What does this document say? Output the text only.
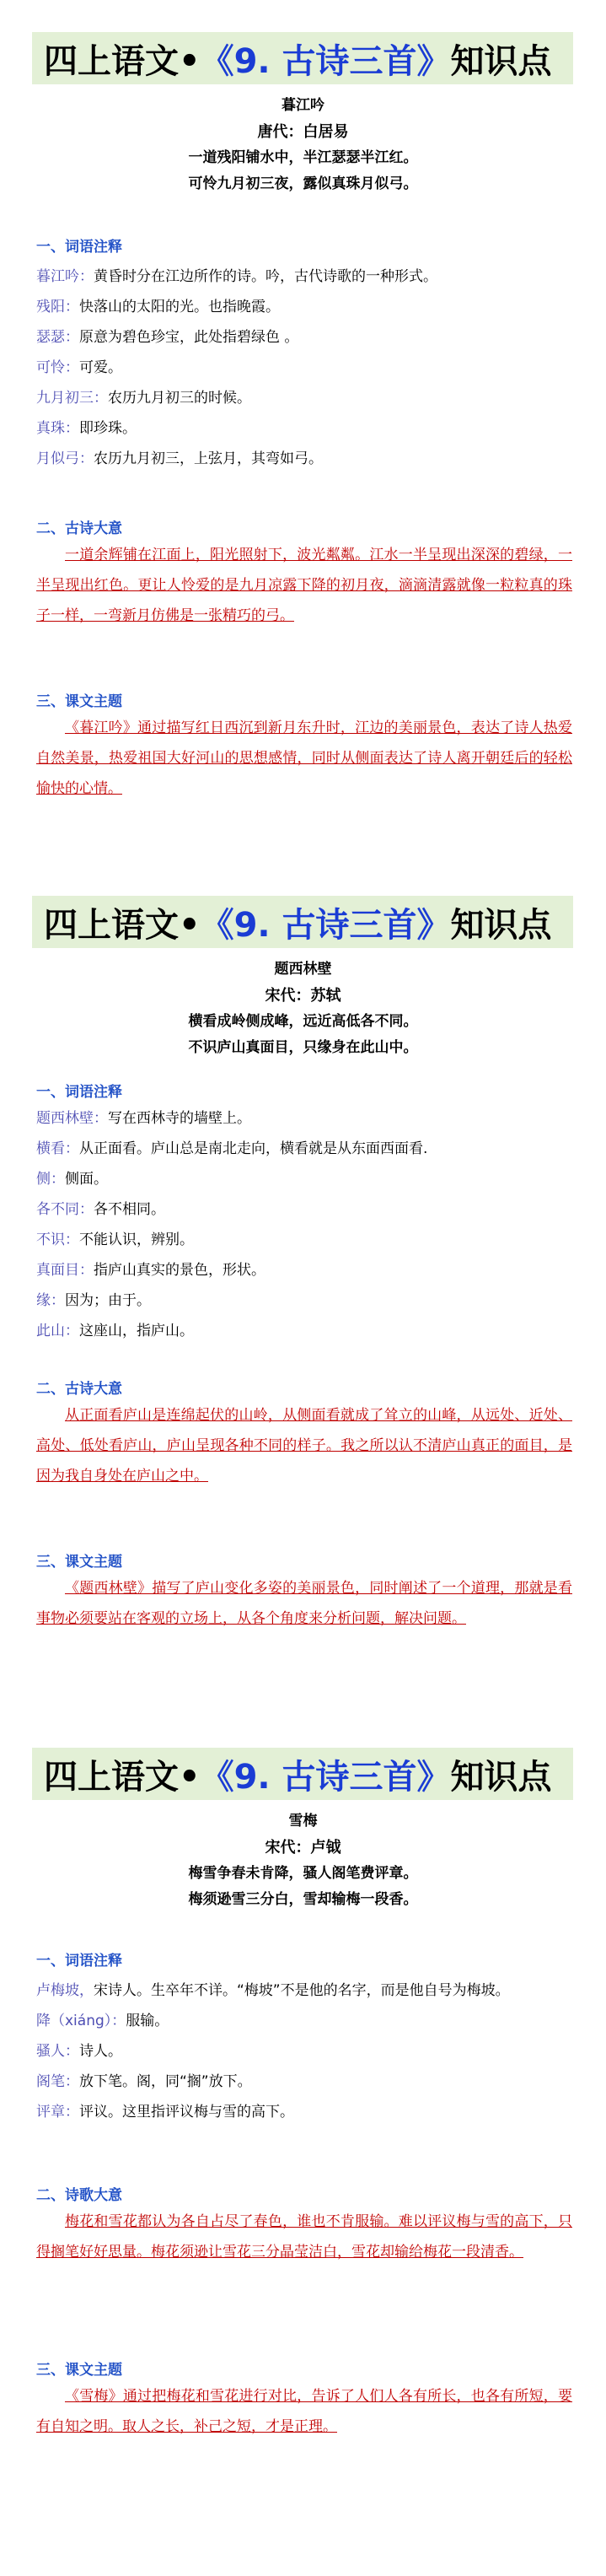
四上语文• 《9. 古诗三首》 知识点
暮江吟
唐代：白居易
一道残阳铺水中，半江瑟瑟半江红。
可怜九月初三夜，露似真珠月似弓。
一、词语注释
暮江吟：黄昏时分在江边所作的诗。吟，古代诗歌的一种形式。
残阳：快落山的太阳的光。也指晚霞。
瑟瑟：原意为碧色珍宝，此处指碧绿色 。
可怜：可爱。
九月初三：农历九月初三的时候。
真珠：即珍珠。
月似弓：农历九月初三，上弦月，其弯如弓。
二、古诗大意
一道余辉铺在江面上，阳光照射下，波光粼粼。江水一半呈现出深深的碧绿，一半呈现出红色。更让人怜爱的是九月凉露下降的初月夜，滴滴清露就像一粒粒真的珠子一样，一弯新月仿佛是一张精巧的弓。
三、课文主题
《暮江吟》通过描写红日西沉到新月东升时，江边的美丽景色，表达了诗人热爱自然美景，热爱祖国大好河山的思想感情，同时从侧面表达了诗人离开朝廷后的轻松愉快的心情。
四上语文• 《9. 古诗三首》 知识点
题西林壁
宋代：苏轼
横看成岭侧成峰，远近高低各不同。
不识庐山真面目，只缘身在此山中。
一、词语注释
题西林壁：写在西林寺的墙壁上。
横看：从正面看。庐山总是南北走向，横看就是从东面西面看.
侧：侧面。
各不同：各不相同。
不识：不能认识，辨别。
真面目：指庐山真实的景色，形状。
缘：因为；由于。
此山：这座山，指庐山。
二、古诗大意
从正面看庐山是连绵起伏的山岭，从侧面看就成了耸立的山峰，从远处、近处、高处、低处看庐山，庐山呈现各种不同的样子。我之所以认不清庐山真正的面目，是因为我自身处在庐山之中。
三、课文主题
《题西林壁》描写了庐山变化多姿的美丽景色，同时阐述了一个道理，那就是看事物必须要站在客观的立场上，从各个角度来分析问题，解决问题。
四上语文• 《9. 古诗三首》 知识点
雪梅
宋代：卢钺
梅雪争春未肯降，骚人阁笔费评章。
梅须逊雪三分白，雪却输梅一段香。
一、词语注释
卢梅坡，宋诗人。生卒年不详。“梅坡”不是他的名字，而是他自号为梅坡。
降（xiáng）：服输。
骚人：诗人。
阁笔：放下笔。阁，同“搁”放下。
评章：评议。这里指评议梅与雪的高下。
二、诗歌大意
梅花和雪花都认为各自占尽了春色，谁也不肯服输。难以评议梅与雪的高下，只得搁笔好好思量。梅花须逊让雪花三分晶莹洁白，雪花却输给梅花一段清香。
三、课文主题
《雪梅》通过把梅花和雪花进行对比，告诉了人们人各有所长，也各有所短，要有自知之明。取人之长，补己之短，才是正理。
